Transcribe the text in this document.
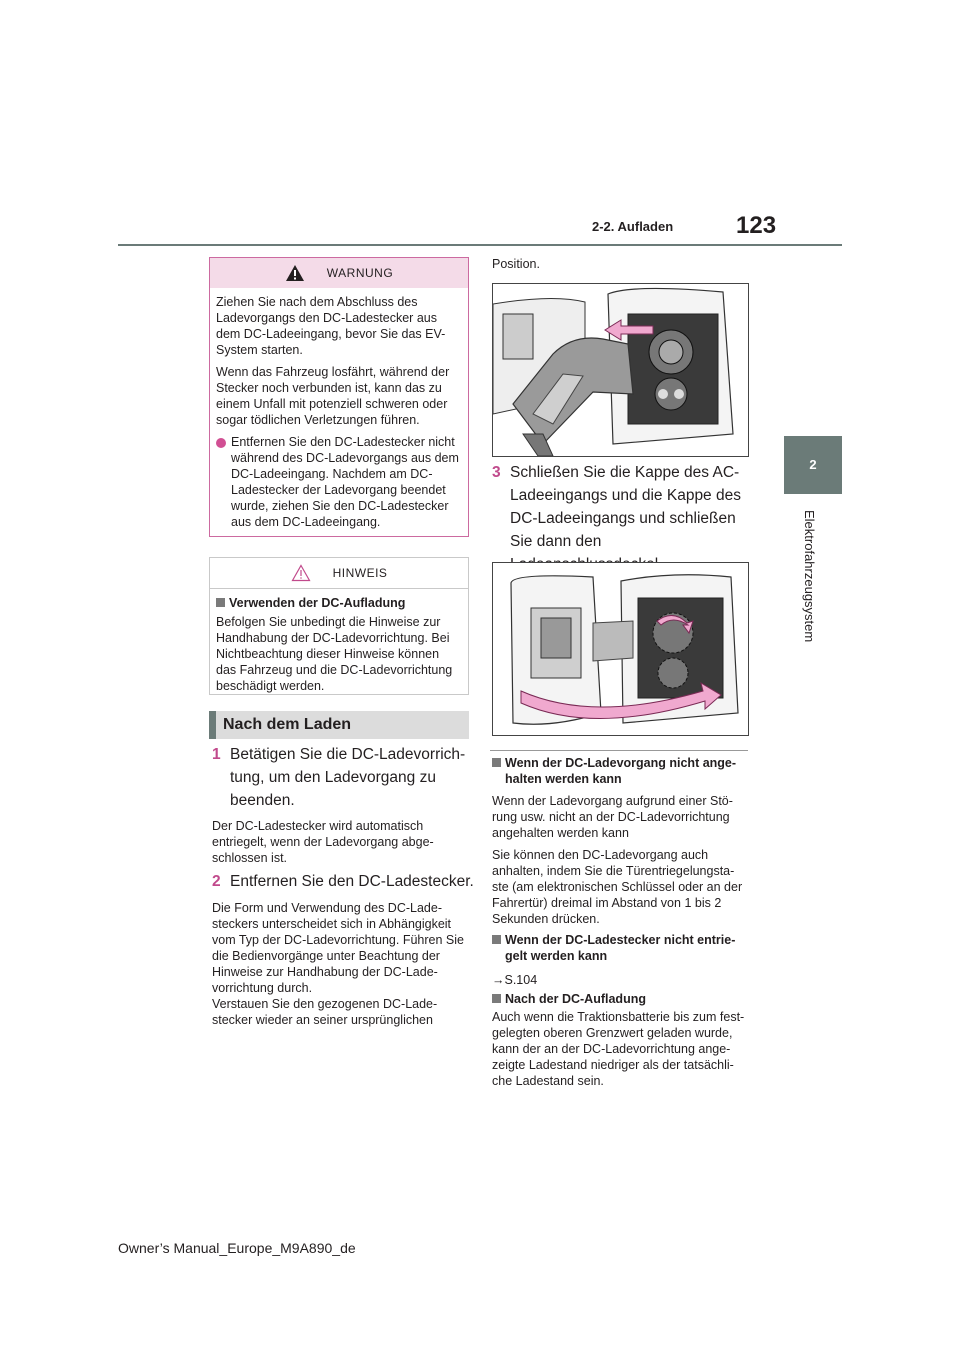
2-2. Aufladen	123
2
Elektrofahrzeugsystem
WARNUNG
Ziehen Sie nach dem Abschluss des Ladevorgangs den DC-Ladestecker aus dem DC-Ladeeingang, bevor Sie das EV-System starten.
Wenn das Fahrzeug losfährt, während der Stecker noch verbunden ist, kann das zu einem Unfall mit potenziell schweren oder sogar tödlichen Verletzungen führen.
Entfernen Sie den DC-Ladestecker nicht während des DC-Ladevorgangs aus dem DC-Ladeeingang. Nachdem am DC-Ladestecker der Ladevorgang beendet wurde, ziehen Sie den DC-Ladestecker aus dem DC-Ladeeingang.
HINWEIS
Verwenden der DC-Aufladung
Befolgen Sie unbedingt die Hinweise zur Handhabung der DC-Ladevorrichtung. Bei Nichtbeachtung dieser Hinweise können das Fahrzeug und die DC-Ladevorrichtung beschädigt werden.
Nach dem Laden
1 Betätigen Sie die DC-Ladevorrich-tung, um den Ladevorgang zu beenden.
Der DC-Ladestecker wird automatisch entriegelt, wenn der Ladevorgang abge-schlossen ist.
2 Entfernen Sie den DC-Ladestecker.
Die Form und Verwendung des DC-Lade-steckers unterscheidet sich in Abhängigkeit vom Typ der DC-Ladevorrichtung. Führen Sie die Bedienvorgänge unter Beachtung der Hinweise zur Handhabung der DC-Lade-vorrichtung durch.
Verstauen Sie den gezogenen DC-Lade-stecker wieder an seiner ursprünglichen
Position.
3 Schließen Sie die Kappe des AC-Ladeeingangs und die Kappe des DC-Ladeeingangs und schließen Sie dann den
Wenn der DC-Ladevorgang nicht ange-halten werden kann
Wenn der Ladevorgang aufgrund einer Stö-rung usw. nicht an der DC-Ladevorrichtung angehalten werden kann
Sie können den DC-Ladevorgang auch anhalten, indem Sie die Türentriegelungsta-ste (am elektronischen Schlüssel oder an der Fahrertür) dreimal im Abstand von 1 bis 2 Sekunden drücken.
Wenn der DC-Ladestecker nicht entrie-gelt werden kann
→S.104
Nach der DC-Aufladung
Auch wenn die Traktionsbatterie bis zum fest-gelegten oberen Grenzwert geladen wurde, kann der an der DC-Ladevorrichtung ange-zeigte Ladestand niedriger als der tatsächli-che Ladestand sein.
Owner’s Manual_Europe_M9A890_de
